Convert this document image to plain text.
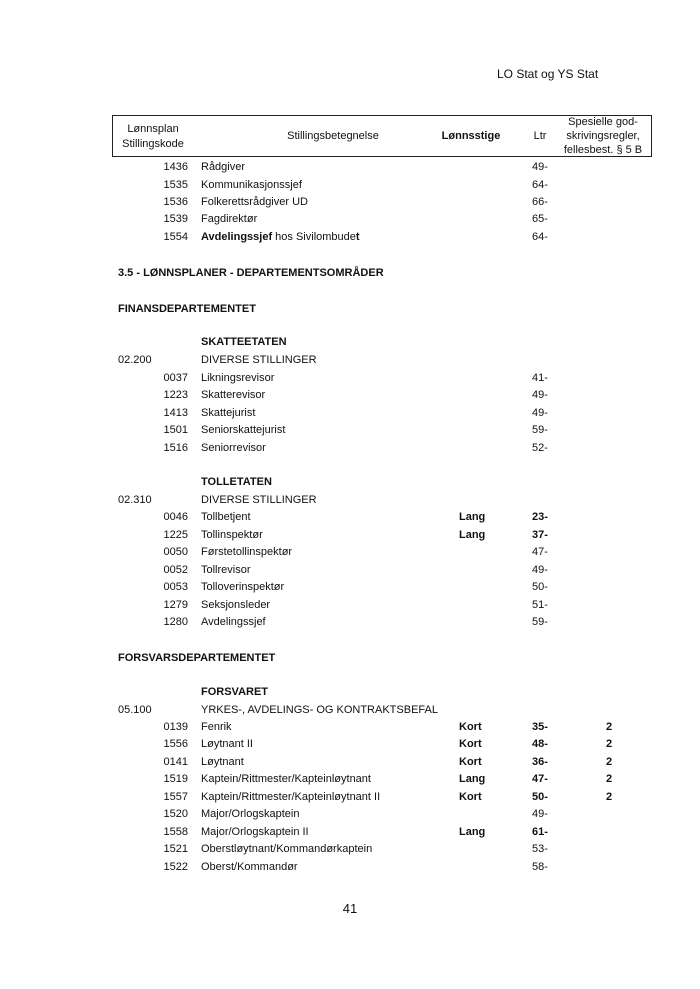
LO Stat og YS Stat
Lønnsplan
Stillingskode
Stillingsbetegnelse	Lønnsstige	Ltr
Spesielle god-
skrivingsregler,
fellesbest. § 5 B
1436 Rådgiver	49-
1535 Kommunikasjonssjef	64-
1536 Folkerettsrådgiver UD	66-
1539 Fagdirektør	65-
1554 Avdelingssjef hos Sivilombudet	64-
3.5 - LØNNSPLANER - DEPARTEMENTSOMRÅDER
FINANSDEPARTEMENTET
SKATTEETATEN
02.200	DIVERSE STILLINGER
0037 Likningsrevisor	41-
1223 Skatterevisor	49-
1413 Skattejurist	49-
1501 Seniorskattejurist	59-
1516 Seniorrevisor	52-
TOLLETATEN
02.310	DIVERSE STILLINGER
0046 Tollbetjent	Lang	23-
1225 Tollinspektør	Lang	37-
0050 Førstetollinspektør	47-
0052 Tollrevisor	49-
0053 Tolloverinspektør	50-
1279 Seksjonsleder	51-
1280 Avdelingssjef	59-
FORSVARSDEPARTEMENTET
FORSVARET
05.100	YRKES-, AVDELINGS- OG KONTRAKTSBEFAL
0139 Fenrik	Kort	35-	2
1556 Løytnant II	Kort	48-	2
0141 Løytnant	Kort	36-	2
1519 Kaptein/Rittmester/Kapteinløytnant	Lang	47-	2
1557 Kaptein/Rittmester/Kapteinløytnant II	Kort	50-	2
1520 Major/Orlogskaptein	49-
1558 Major/Orlogskaptein II	Lang	61-
1521 Oberstløytnant/Kommandørkaptein	53-
1522 Oberst/Kommandør	58-
41
